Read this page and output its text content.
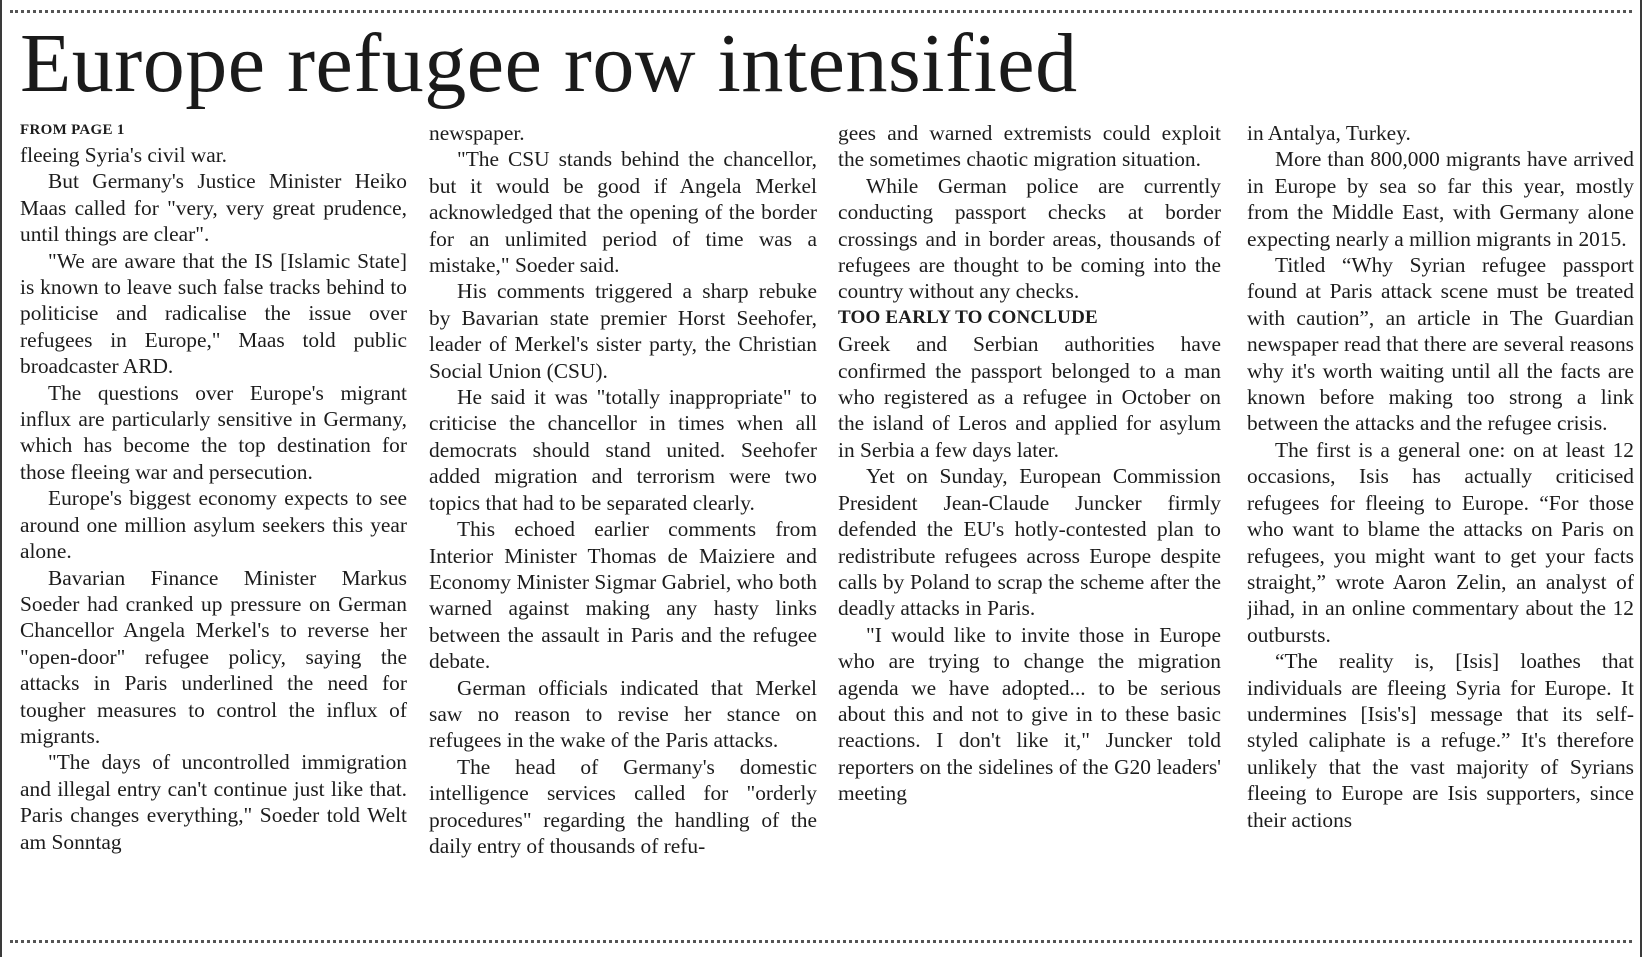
Europe refugee row intensified
FROM PAGE 1

fleeing Syria's civil war.

But Germany's Justice Minister Heiko Maas called for "very, very great prudence, until things are clear".

"We are aware that the IS [Islamic State] is known to leave such false tracks behind to politicise and radicalise the issue over refugees in Europe," Maas told public broadcaster ARD.

The questions over Europe's migrant influx are particularly sensitive in Germany, which has become the top destination for those fleeing war and persecution.

Europe's biggest economy expects to see around one million asylum seekers this year alone.

Bavarian Finance Minister Markus Soeder had cranked up pressure on German Chancellor Angela Merkel's to reverse her "open-door" refugee policy, saying the attacks in Paris underlined the need for tougher measures to control the influx of migrants.

"The days of uncontrolled immigration and illegal entry can't continue just like that. Paris changes everything," Soeder told Welt am Sonntag

newspaper.

"The CSU stands behind the chancellor, but it would be good if Angela Merkel acknowledged that the opening of the border for an unlimited period of time was a mistake," Soeder said.

His comments triggered a sharp rebuke by Bavarian state premier Horst Seehofer, leader of Merkel's sister party, the Christian Social Union (CSU).

He said it was "totally inappropriate" to criticise the chancellor in times when all democrats should stand united. Seehofer added migration and terrorism were two topics that had to be separated clearly.

This echoed earlier comments from Interior Minister Thomas de Maiziere and Economy Minister Sigmar Gabriel, who both warned against making any hasty links between the assault in Paris and the refugee debate.

German officials indicated that Merkel saw no reason to revise her stance on refugees in the wake of the Paris attacks.

The head of Germany's domestic intelligence services called for "orderly procedures" regarding the handling of the daily entry of thousands of refu-

gees and warned extremists could exploit the sometimes chaotic migration situation.

While German police are currently conducting passport checks at border crossings and in border areas, thousands of refugees are thought to be coming into the country without any checks.

TOO EARLY TO CONCLUDE

Greek and Serbian authorities have confirmed the passport belonged to a man who registered as a refugee in October on the island of Leros and applied for asylum in Serbia a few days later.

Yet on Sunday, European Commission President Jean-Claude Juncker firmly defended the EU's hotly-contested plan to redistribute refugees across Europe despite calls by Poland to scrap the scheme after the deadly attacks in Paris.

"I would like to invite those in Europe who are trying to change the migration agenda we have adopted... to be serious about this and not to give in to these basic reactions. I don't like it," Juncker told reporters on the sidelines of the G20 leaders' meeting

in Antalya, Turkey.

More than 800,000 migrants have arrived in Europe by sea so far this year, mostly from the Middle East, with Germany alone expecting nearly a million migrants in 2015.

Titled “Why Syrian refugee passport found at Paris attack scene must be treated with caution”, an article in The Guardian newspaper read that there are several reasons why it's worth waiting until all the facts are known before making too strong a link between the attacks and the refugee crisis.

The first is a general one: on at least 12 occasions, Isis has actually criticised refugees for fleeing to Europe. “For those who want to blame the attacks on Paris on refugees, you might want to get your facts straight,” wrote Aaron Zelin, an analyst of jihad, in an online commentary about the 12 outbursts.

“The reality is, [Isis] loathes that individuals are fleeing Syria for Europe. It undermines [Isis's] message that its self-styled caliphate is a refuge.” It's therefore unlikely that the vast majority of Syrians fleeing to Europe are Isis supporters, since their actions
